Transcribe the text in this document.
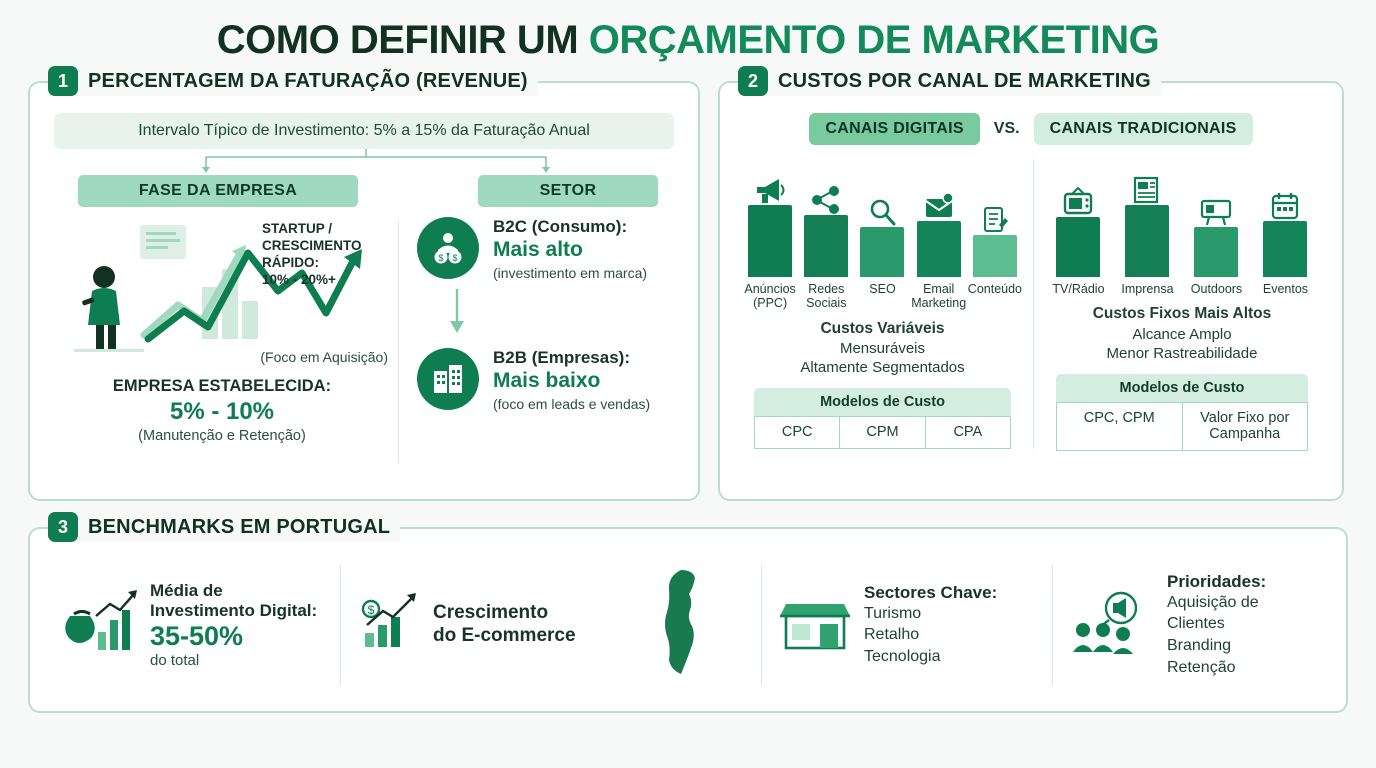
COMO DEFINIR UM ORÇAMENTO DE MARKETING
1	PERCENTAGEM DA FATURAÇÃO (REVENUE)
Intervalo Típico de Investimento: 5% a 15% da Faturação Anual
FASE DA EMPRESA	SETOR
STARTUP / CRESCIMENTO RÁPIDO:
10% - 20%+
(Foco em Aquisição)
EMPRESA ESTABELECIDA:
5% - 10%
(Manutenção e Retenção)
$ $
B2C (Consumo):
Mais alto
(investimento em marca)
B2B (Empresas):
Mais baixo
(foco em leads e vendas)
2	CUSTOS POR CANAL DE MARKETING
CANAIS DIGITAIS	VS.	CANAIS TRADICIONAIS
Anúncios (PPC)
Redes Sociais
SEO	Email Marketing
Conteúdo
Custos Variáveis
Mensuráveis
Altamente Segmentados
Modelos de Custo
CPC	CPM	CPA
TV/Rádio	Imprensa	Outdoors	Eventos
Custos Fixos Mais Altos
Alcance Amplo
Menor Rastreabilidade
Modelos de Custo
CPC, CPM	Valor Fixo por Campanha
3	BENCHMARKS EM PORTUGAL
Média de
Investimento Digital:
35-50%
do total
$	Crescimento
do E-commerce
Sectores Chave:
Turismo
Retalho
Tecnologia
Prioridades:
Aquisição de Clientes
Branding
Retenção
